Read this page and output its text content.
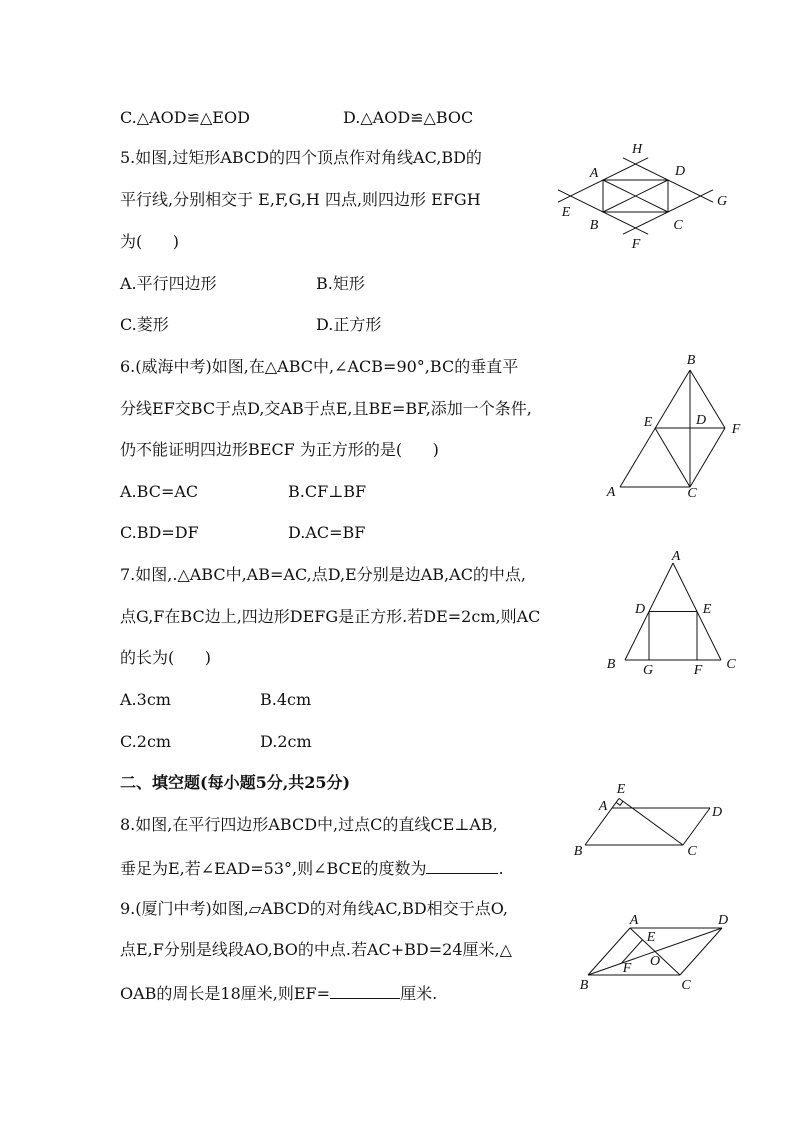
C.△AOD≌△EOD	D.△AOD≌△BOC
5.如图,过矩形ABCD的四个顶点作对角线AC,BD的
平行线,分别相交于 E,F,G,H 四点,则四边形 EFGH
为(      )
A.平行四边形	B.矩形
C.菱形	D.正方形
6.(威海中考)如图,在△ABC中,∠ACB=90°,BC的垂直平
分线EF交BC于点D,交AB于点E,且BE=BF,添加一个条件,
仍不能证明四边形BECF 为正方形的是(      )
A.BC=AC	B.CF⊥BF
C.BD=DF	D.AC=BF
7.如图,.△ABC中,AB=AC,点D,E分别是边AB,AC的中点,
点G,F在BC边上,四边形DEFG是正方形.若DE=2cm,则AC
的长为(      )
A.3cm	B.4cm
C.2cm	D.2cm
二、填空题(每小题5分,共25分)
8.如图,在平行四边形ABCD中,过点C的直线CE⊥AB,
垂足为E,若∠EAD=53°,则∠BCE的度数为	.
9.(厦门中考)如图,▱ABCD的对角线AC,BD相交于点O,
点E,F分别是线段AO,BO的中点.若AC+BD=24厘米,△
OAB的周长是18厘米,则EF=	厘米.
H
A	D
G
E
B	C
F
B
E	D
F
A	C
A
D	E
B G	F C
E
A	D
B	C
A	D
E
O
F
B	C
